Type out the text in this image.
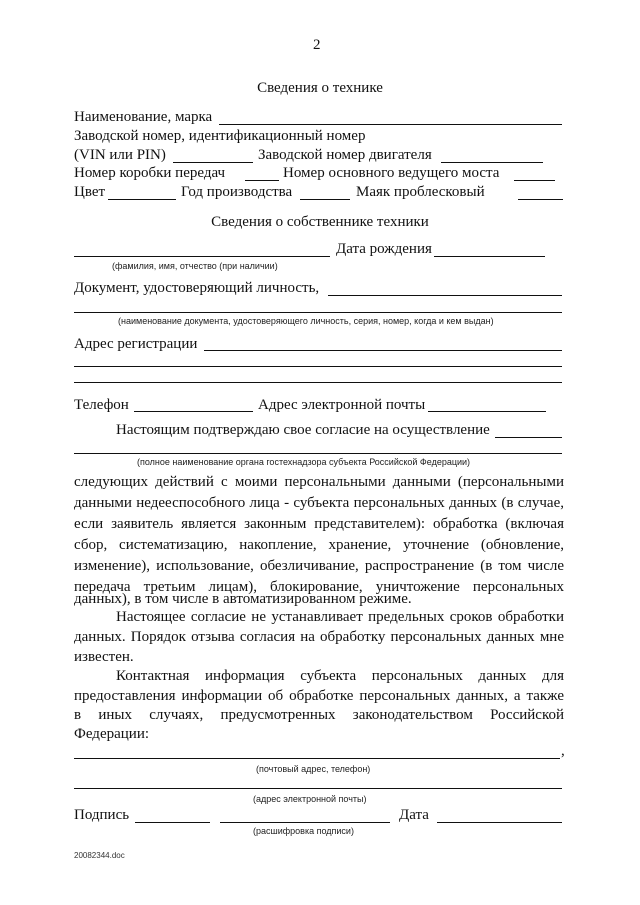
2
Сведения о технике
Наименование, марка
Заводской номер, идентификационный номер
(VIN или PIN)	Заводской номер двигателя
Номер коробки передач	Номер основного ведущего моста
Цвет	Год производства	Маяк проблесковый
Сведения о собственнике техники
Дата рождения
(фамилия, имя, отчество (при наличии)
Документ, удостоверяющий личность,
(наименование документа, удостоверяющего личность, серия, номер, когда и кем выдан)
Адрес регистрации
Телефон	Адрес электронной почты
Настоящим подтверждаю свое согласие на осуществление
(полное наименование органа гостехнадзора субъекта Российской Федерации)
следующих действий с моими персональными данными (персональными
данными недееспособного лица - субъекта персональных данных (в случае,
если заявитель является законным представителем): обработка (включая
сбор, систематизацию, накопление, хранение, уточнение (обновление,
изменение), использование, обезличивание, распространение (в том числе
передача третьим лицам), блокирование, уничтожение персональных
данных), в том числе в автоматизированном режиме.
Настоящее согласие не устанавливает предельных сроков обработки
данных. Порядок отзыва согласия на обработку персональных данных мне
известен.
Контактная информация субъекта персональных данных для
предоставления информации об обработке персональных данных, а также
в иных случаях, предусмотренных законодательством Российской
Федерации:
,
(почтовый адрес, телефон)
(адрес электронной почты)
Подпись	Дата
(расшифровка подписи)
20082344.doc
